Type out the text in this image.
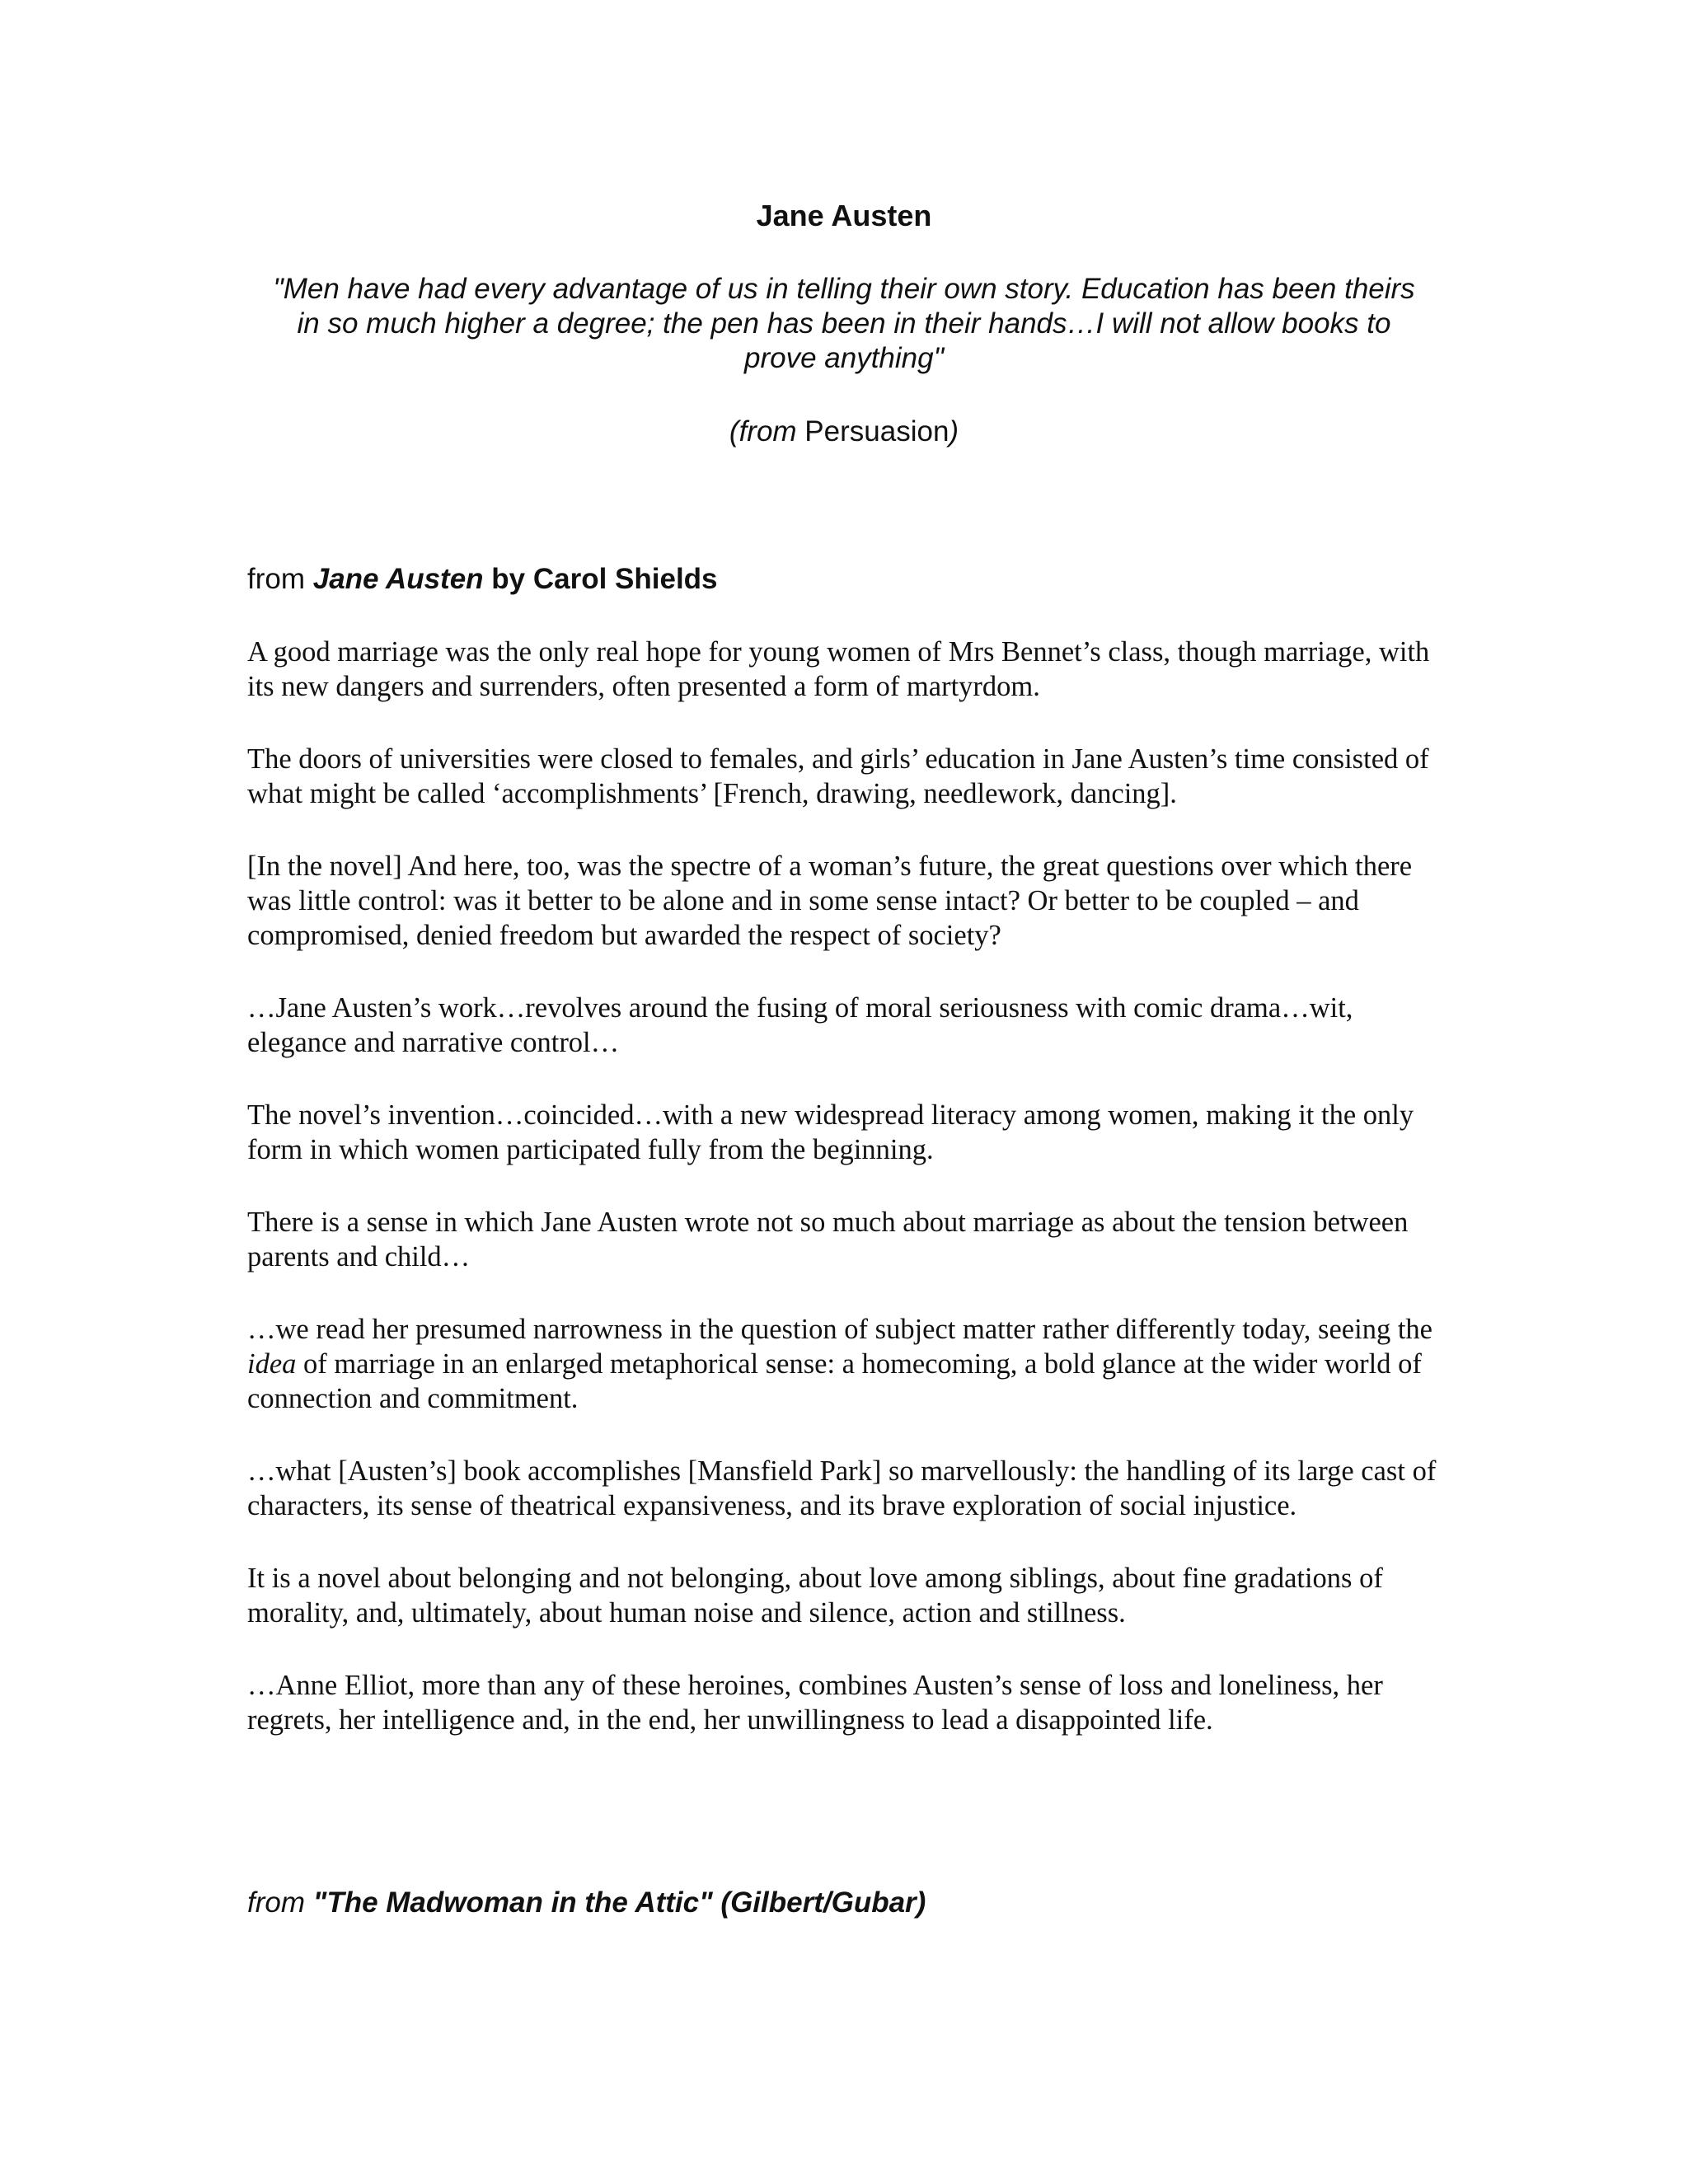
Jane Austen
"Men have had every advantage of us in telling their own story. Education has been theirs in so much higher a degree; the pen has been in their hands…I will not allow books to prove anything"
(from Persuasion)
from Jane Austen by Carol Shields

A good marriage was the only real hope for young women of Mrs Bennet’s class, though marriage, with its new dangers and surrenders, often presented a form of martyrdom.

The doors of universities were closed to females, and girls’ education in Jane Austen’s time consisted of what might be called ‘accomplishments’ [French, drawing, needlework, dancing].

[In the novel] And here, too, was the spectre of a woman’s future, the great questions over which there was little control: was it better to be alone and in some sense intact? Or better to be coupled – and compromised, denied freedom but awarded the respect of society?

…Jane Austen’s work…revolves around the fusing of moral seriousness with comic drama…wit, elegance and narrative control…

The novel’s invention…coincided…with a new widespread literacy among women, making it the only form in which women participated fully from the beginning.

There is a sense in which Jane Austen wrote not so much about marriage as about the tension between parents and child…

…we read her presumed narrowness in the question of subject matter rather differently today, seeing the idea of marriage in an enlarged metaphorical sense: a homecoming, a bold glance at the wider world of connection and commitment.

…what [Austen’s] book accomplishes [Mansfield Park] so marvellously: the handling of its large cast of characters, its sense of theatrical expansiveness, and its brave exploration of social injustice.

It is a novel about belonging and not belonging, about love among siblings, about fine gradations of morality, and, ultimately, about human noise and silence, action and stillness.

…Anne Elliot, more than any of these heroines, combines Austen’s sense of loss and loneliness, her regrets, her intelligence and, in the end, her unwillingness to lead a disappointed life.

from "The Madwoman in the Attic" (Gilbert/Gubar)
